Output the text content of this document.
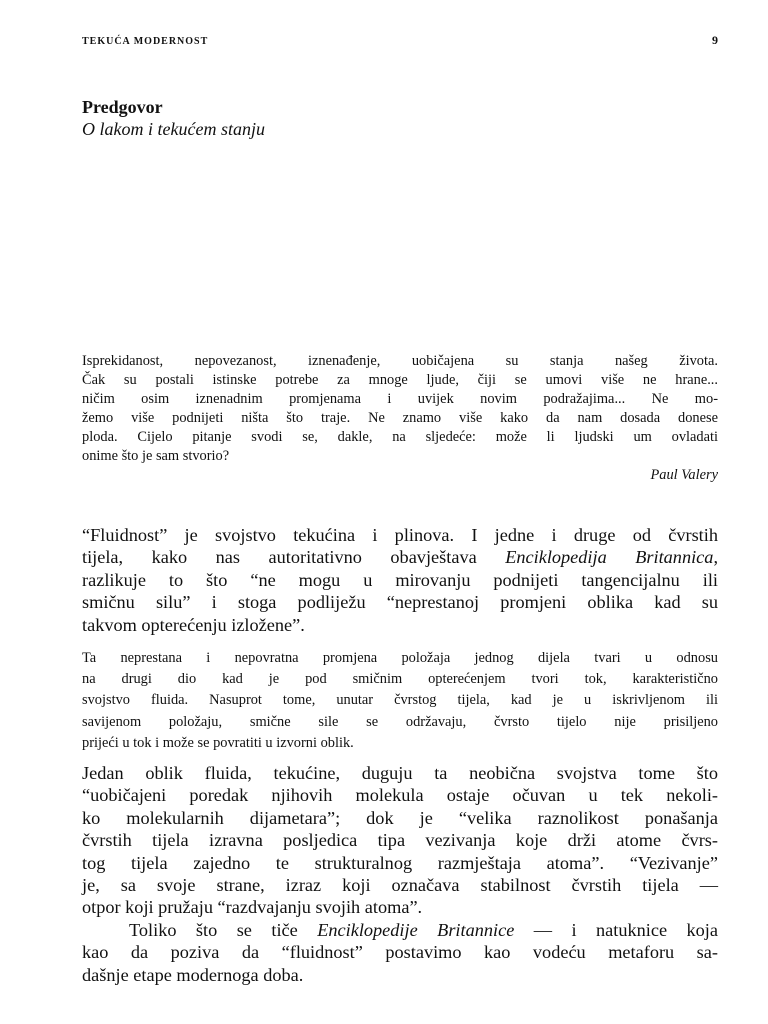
TEKUĆA MODERNOST	9
Predgovor
O lakom i tekućem stanju
Isprekidanost, nepovezanost, iznenađenje, uobičajena su stanja našeg života.
Čak su postali istinske potrebe za mnoge ljude, čiji se umovi više ne hrane...
ničim osim iznenadnim promjenama i uvijek novim podražajima... Ne mo-
žemo više podnijeti ništa što traje. Ne znamo više kako da nam dosada donese
ploda. Cijelo pitanje svodi se, dakle, na sljedeće: može li ljudski um ovladati
onime što je sam stvorio?
Paul Valery
“Fluidnost” je svojstvo tekućina i plinova. I jedne i druge od čvrstih
tijela, kako nas autoritativno obavještava Enciklopedija Britannica,
razlikuje to što “ne mogu u mirovanju podnijeti tangencijalnu ili
smičnu silu” i stoga podliježu “neprestanoj promjeni oblika kad su
takvom opterećenju izložene”.
Ta neprestana i nepovratna promjena položaja jednog dijela tvari u odnosu
na drugi dio kad je pod smičnim opterećenjem tvori tok, karakteristično
svojstvo fluida. Nasuprot tome, unutar čvrstog tijela, kad je u iskrivljenom ili
savijenom položaju, smične sile se održavaju, čvrsto tijelo nije prisiljeno
prijeći u tok i može se povratiti u izvorni oblik.
Jedan oblik fluida, tekućine, duguju ta neobična svojstva tome što
“uobičajeni poredak njihovih molekula ostaje očuvan u tek nekoli-
ko molekularnih dijametara”; dok je “velika raznolikost ponašanja
čvrstih tijela izravna posljedica tipa vezivanja koje drži atome čvrs-
tog tijela zajedno te strukturalnog razmještaja atoma”. “Vezivanje”
je, sa svoje strane, izraz koji označava stabilnost čvrstih tijela —
otpor koji pružaju “razdvajanju svojih atoma”.
Toliko što se tiče Enciklopedije Britannice — i natuknice koja
kao da poziva da “fluidnost” postavimo kao vodeću metaforu sa-
dašnje etape modernoga doba.
